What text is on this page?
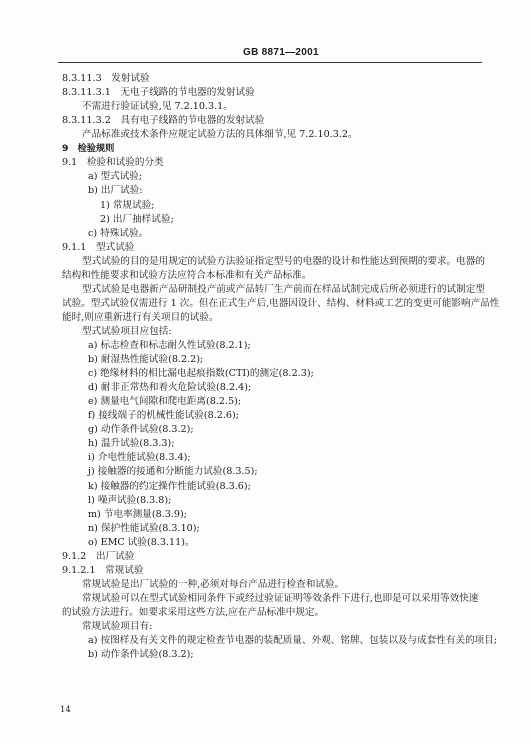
GB 8871—2001
8.3.11.3　发射试验
8.3.11.3.1　无电子线路的节电器的发射试验
不需进行验证试验,见 7.2.10.3.1。
8.3.11.3.2　具有电子线路的节电器的发射试验
产品标准或技术条件应规定试验方法的具体细节,见 7.2.10.3.2。
9　检验规则
9.1　检验和试验的分类
a) 型式试验;
b) 出厂试验:
1) 常规试验;
2) 出厂抽样试验;
c) 特殊试验。
9.1.1　型式试验
型式试验的目的是用规定的试验方法验证指定型号的电器的设计和性能达到预期的要求。电器的
结构和性能要求和试验方法应符合本标准和有关产品标准。
型式试验是电器新产品研制投产前或产品转厂生产前而在样品试制完成后所必须进行的试制定型
试验。型式试验仅需进行 1 次。但在正式生产后,电器因设计、结构、材料或工艺的变更可能影响产品性
能时,则应重新进行有关项目的试验。
型式试验项目应包括:
a) 标志检查和标志耐久性试验(8.2.1);
b) 耐湿热性能试验(8.2.2);
c) 绝缘材料的相比漏电起痕指数(CTI)的测定(8.2.3);
d) 耐非正常热和着火危险试验(8.2.4);
e) 测量电气间隙和爬电距离(8.2.5);
f) 接线端子的机械性能试验(8.2.6);
g) 动作条件试验(8.3.2);
h) 温升试验(8.3.3);
i) 介电性能试验(8.3.4);
j) 接触器的接通和分断能力试验(8.3.5);
k) 接触器的约定操作性能试验(8.3.6);
l) 噪声试验(8.3.8);
m) 节电率测量(8.3.9);
n) 保护性能试验(8.3.10);
o) EMC 试验(8.3.11)。
9.1.2　出厂试验
9.1.2.1　常规试验
常规试验是出厂试验的一种,必须对每台产品进行检查和试验。
常规试验可以在型式试验相同条件下或经过验证证明等效条件下进行,也即是可以采用等效快速
的试验方法进行。如要求采用这些方法,应在产品标准中规定。
常规试验项目有:
a) 按图样及有关文件的规定检查节电器的装配质量、外观、铭牌、包装以及与成套性有关的项目;
b) 动作条件试验(8.3.2);
14
